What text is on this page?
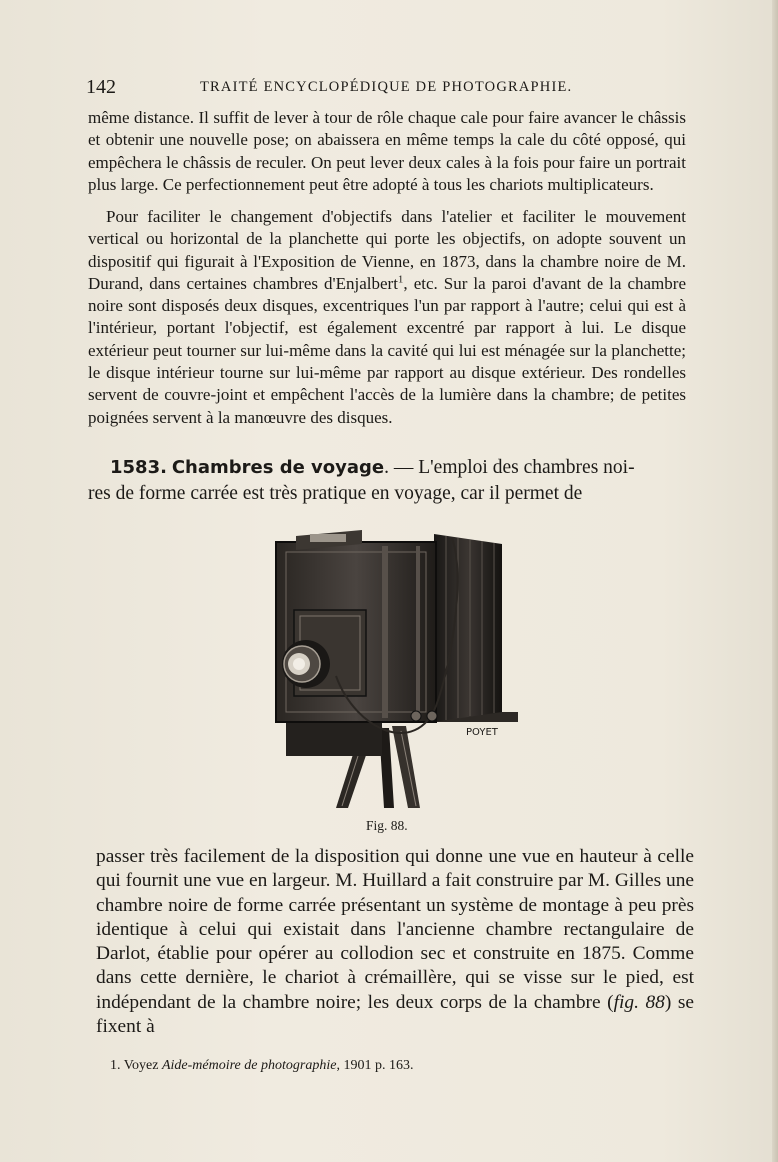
142	TRAITÉ ENCYCLOPÉDIQUE DE PHOTOGRAPHIE.

même distance. Il suffit de lever à tour de rôle chaque cale pour faire avancer le châssis et obtenir une nouvelle pose; on abaissera en même temps la cale du côté opposé, qui empêchera le châssis de reculer. On peut lever deux cales à la fois pour faire un portrait plus large. Ce perfectionnement peut être adopté à tous les chariots multiplicateurs.

Pour faciliter le changement d'objectifs dans l'atelier et faciliter le mouvement vertical ou horizontal de la planchette qui porte les objectifs, on adopte souvent un dispositif qui figurait à l'Exposition de Vienne, en 1873, dans la chambre noire de M. Durand, dans certaines chambres d'Enjalbert$^1$, etc. Sur la paroi d'avant de la chambre noire sont disposés deux disques, excentriques l'un par rapport à l'autre; celui qui est à l'intérieur, portant l'objectif, est également excentré par rapport à lui. Le disque extérieur peut tourner sur lui-même dans la cavité qui lui est ménagée sur la planchette; le disque intérieur tourne sur lui-même par rapport au disque extérieur. Des rondelles servent de couvre-joint et empêchent l'accès de la lumière dans la chambre; de petites poignées servent à la manœuvre des disques.

1583. Chambres de voyage. — L'emploi des chambres noi-
res de forme carrée est très pratique en voyage, car il permet de
POYET
Fig. 88.

passer très facilement de la disposition qui donne une vue en hauteur à celle qui fournit une vue en largeur. M. Huillard a fait construire par M. Gilles une chambre noire de forme carrée présentant un système de montage à peu près identique à celui qui existait dans l'ancienne chambre rectangulaire de Darlot, établie pour opérer au collodion sec et construite en 1875. Comme dans cette dernière, le chariot à crémaillère, qui se visse sur le pied, est indépendant de la chambre noire; les deux corps de la chambre (fig. 88) se fixent à

1. Voyez Aide-mémoire de photographie, 1901 p. 163.
